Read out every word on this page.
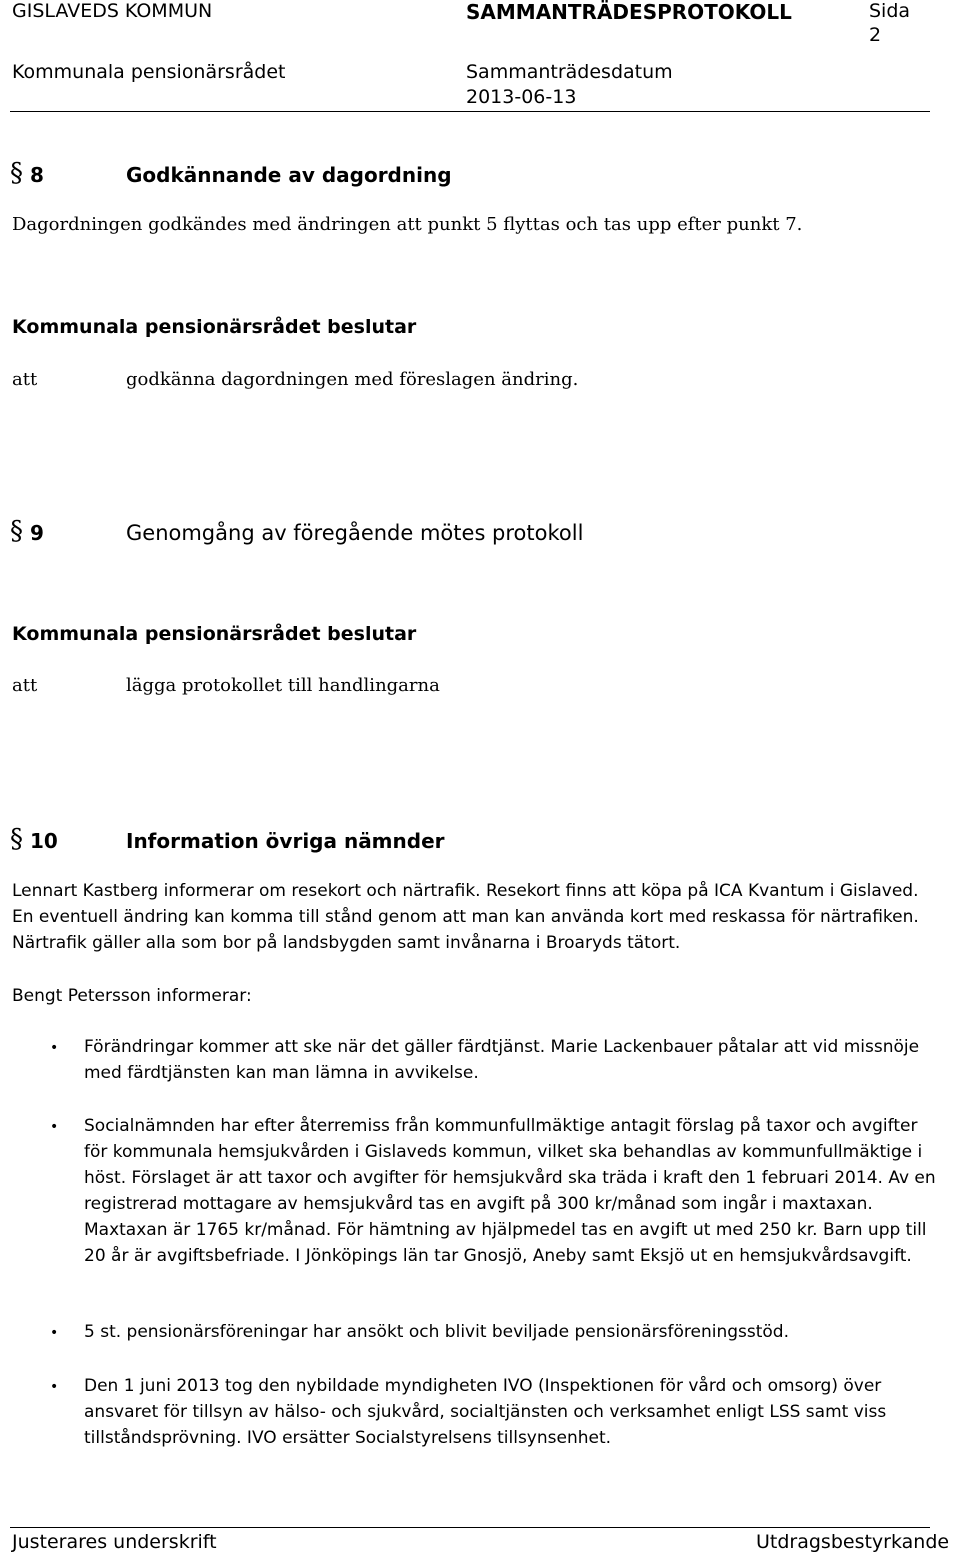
GISLAVEDS KOMMUN	SAMMANTRÄDESPROTOKOLL	Sida
2
Kommunala pensionärsrådet	Sammanträdesdatum
2013-06-13
§ 8	Godkännande av dagordning
Dagordningen godkändes med ändringen att punkt 5 flyttas och tas upp efter punkt 7.
Kommunala pensionärsrådet beslutar
att	godkänna dagordningen med föreslagen ändring.
§ 9	Genomgång av föregående mötes protokoll
Kommunala pensionärsrådet beslutar
att	lägga protokollet till handlingarna
§ 10	Information övriga nämnder
Lennart Kastberg informerar om resekort och närtrafik. Resekort finns att köpa på ICA Kvantum i Gislaved. En eventuell ändring kan komma till stånd genom att man kan använda kort med reskassa för närtrafiken. Närtrafik gäller alla som bor på landsbygden samt invånarna i Broaryds tätort.
Bengt Petersson informerar:
• Förändringar kommer att ske när det gäller färdtjänst. Marie Lackenbauer påtalar att vid missnöje med färdtjänsten kan man lämna in avvikelse.
• Socialnämnden har efter återremiss från kommunfullmäktige antagit förslag på taxor och avgifter för kommunala hemsjukvården i Gislaveds kommun, vilket ska behandlas av kommunfullmäktige i höst. Förslaget är att taxor och avgifter för hemsjukvård ska träda i kraft den 1 februari 2014. Av en registrerad mottagare av hemsjukvård tas en avgift på 300 kr/månad som ingår i maxtaxan. Maxtaxan är 1765 kr/månad. För hämtning av hjälpmedel tas en avgift ut med 250 kr. Barn upp till 20 år är avgiftsbefriade. I Jönköpings län tar Gnosjö, Aneby samt Eksjö ut en hemsjukvårdsavgift.
• 5 st. pensionärsföreningar har ansökt och blivit beviljade pensionärsföreningsstöd.
• Den 1 juni 2013 tog den nybildade myndigheten IVO (Inspektionen för vård och omsorg) över ansvaret för tillsyn av hälso- och sjukvård, socialtjänsten och verksamhet enligt LSS samt viss tillståndsprövning. IVO ersätter Socialstyrelsens tillsynsenhet.
Justerares underskrift	Utdragsbestyrkande
